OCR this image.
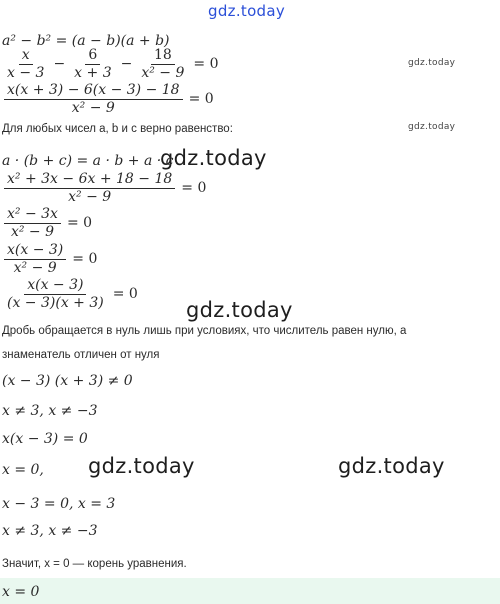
gdz.today
gdz.today
gdz.today
gdz.today
gdz.today
gdz.today	gdz.today
a² − b² = (a − b)(a + b)
$\frac{x}{x - 3} - \frac{6}{x + 3} - \frac{18}{\text{x² − 9}} = 0$
$\frac{x(x + 3) - 6(x - 3) - 18}{\text{x² − 9}} = 0$
Для любых чисел a, b и c верно равенство:
a · (b + c) = a · b + a · c
$\frac{\text{x² + 3x − 6x + 18 − 18}}{\text{x² − 9}} = 0$
$\frac{\text{x² − 3x}}{\text{x² − 9}} = 0$
$\frac{x(x - 3)}{\text{x² − 9}} = 0$
$\frac{x(x - 3)}{(x - 3)(x + 3)} = 0$
Дробь обращается в нуль лишь при условиях, что числитель равен нулю, а
знаменатель отличен от нуля
(x − 3) (x + 3) ≠ 0
x ≠ 3, x ≠ −3
x(x − 3) = 0
x = 0,
x − 3 = 0, x = 3
x ≠ 3, x ≠ −3
Значит, x = 0 — корень уравнения.
x = 0
